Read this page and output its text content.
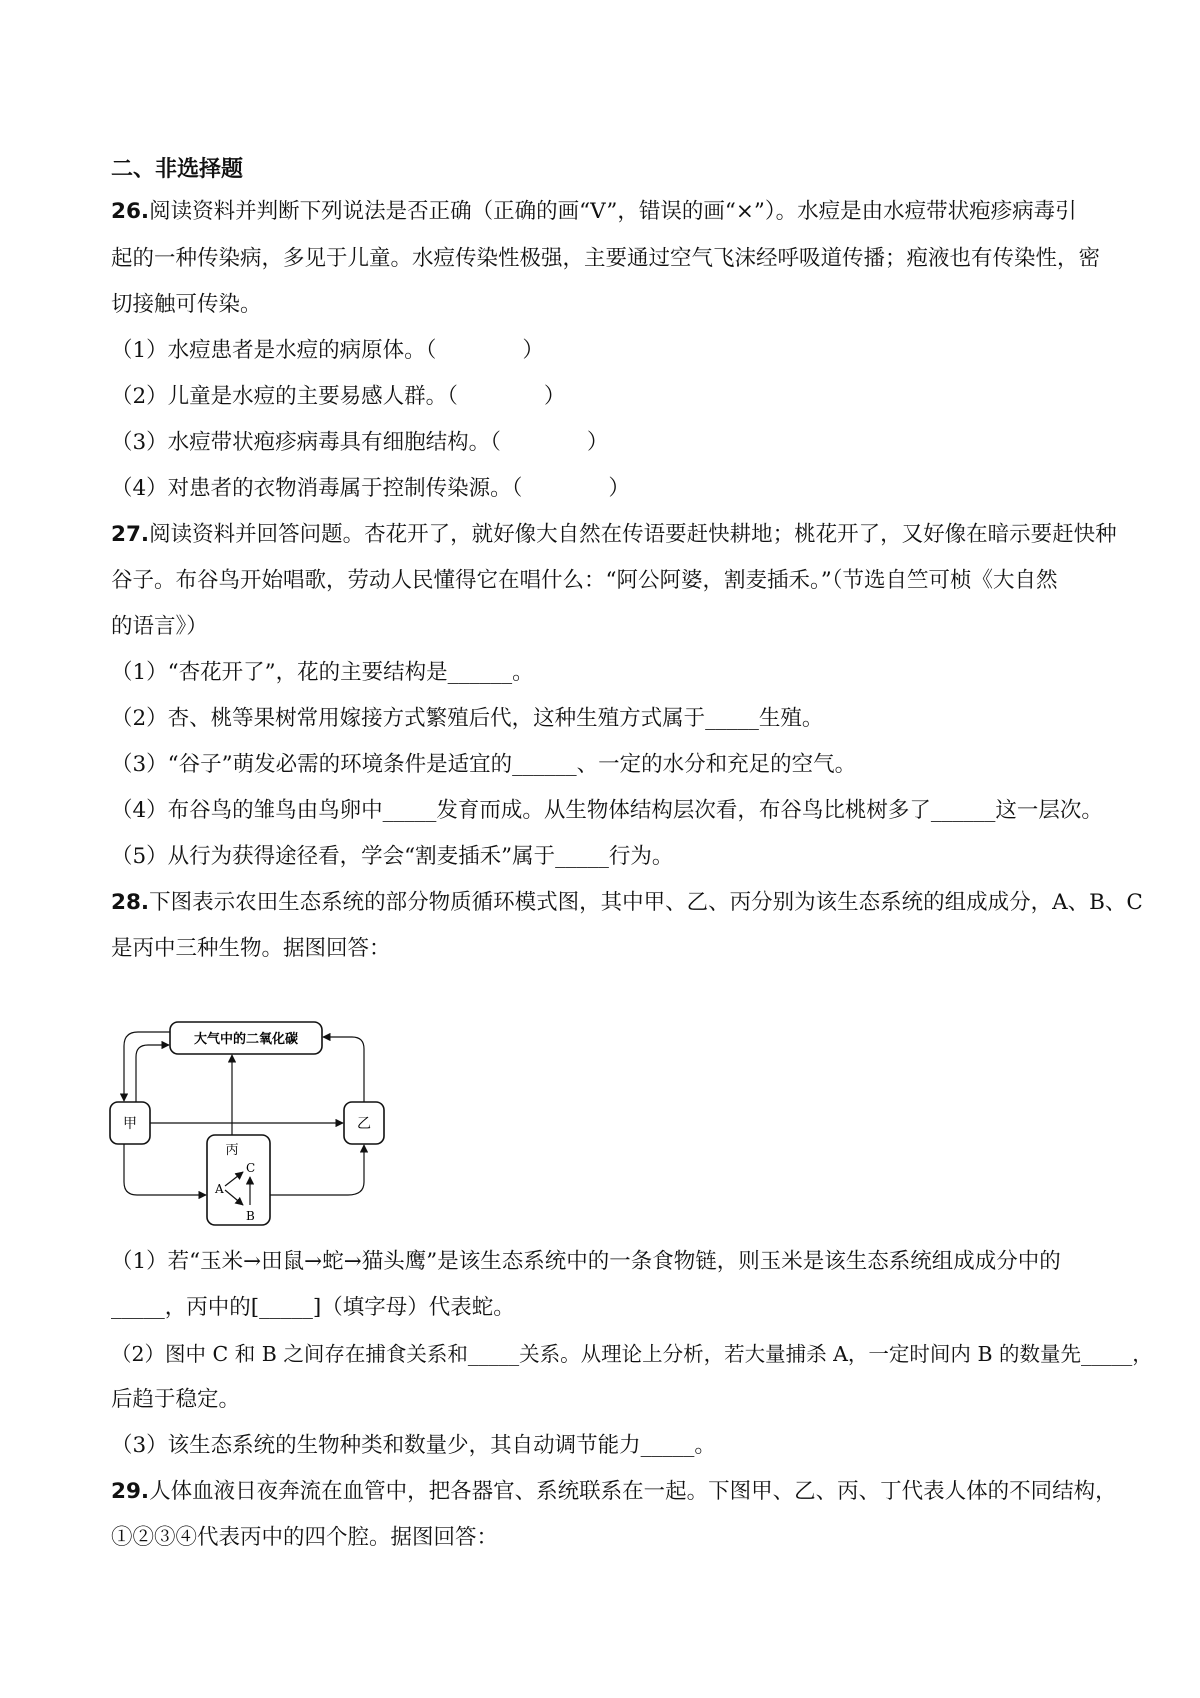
二、非选择题
26.阅读资料并判断下列说法是否正确（正确的画“V”，错误的画“×”）。水痘是由水痘带状疱疹病毒引
起的一种传染病，多见于儿童。水痘传染性极强，主要通过空气飞沫经呼吸道传播；疱液也有传染性，密
切接触可传染。
（1）水痘患者是水痘的病原体。（　　　　）
（2）儿童是水痘的主要易感人群。（　　　　）
（3）水痘带状疱疹病毒具有细胞结构。（　　　　）
（4）对患者的衣物消毒属于控制传染源。（　　　　）
27.阅读资料并回答问题。杏花开了，就好像大自然在传语要赶快耕地；桃花开了，又好像在暗示要赶快种
谷子。布谷鸟开始唱歌，劳动人民懂得它在唱什么：“阿公阿婆，割麦插禾。”（节选自竺可桢《大自然
的语言》）
（1）“杏花开了”，花的主要结构是______。
（2）杏、桃等果树常用嫁接方式繁殖后代，这种生殖方式属于_____生殖。
（3）“谷子”萌发必需的环境条件是适宜的______、一定的水分和充足的空气。
（4）布谷鸟的雏鸟由鸟卵中_____发育而成。从生物体结构层次看，布谷鸟比桃树多了______这一层次。
（5）从行为获得途径看，学会“割麦插禾”属于_____行为。
28.下图表示农田生态系统的部分物质循环模式图，其中甲、乙、丙分别为该生态系统的组成成分，A、B、C
是丙中三种生物。据图回答：
大气中的二氧化碳
甲	乙
丙
A
C
B
（1）若“玉米→田鼠→蛇→猫头鹰”是该生态系统中的一条食物链，则玉米是该生态系统组成成分中的
_____，丙中的[_____]（填字母）代表蛇。
（2）图中 C 和 B 之间存在捕食关系和_____关系。从理论上分析，若大量捕杀 A，一定时间内 B 的数量先_____，
后趋于稳定。
（3）该生态系统的生物种类和数量少，其自动调节能力_____。
29.人体血液日夜奔流在血管中，把各器官、系统联系在一起。下图甲、乙、丙、丁代表人体的不同结构，
①②③④代表丙中的四个腔。据图回答：
